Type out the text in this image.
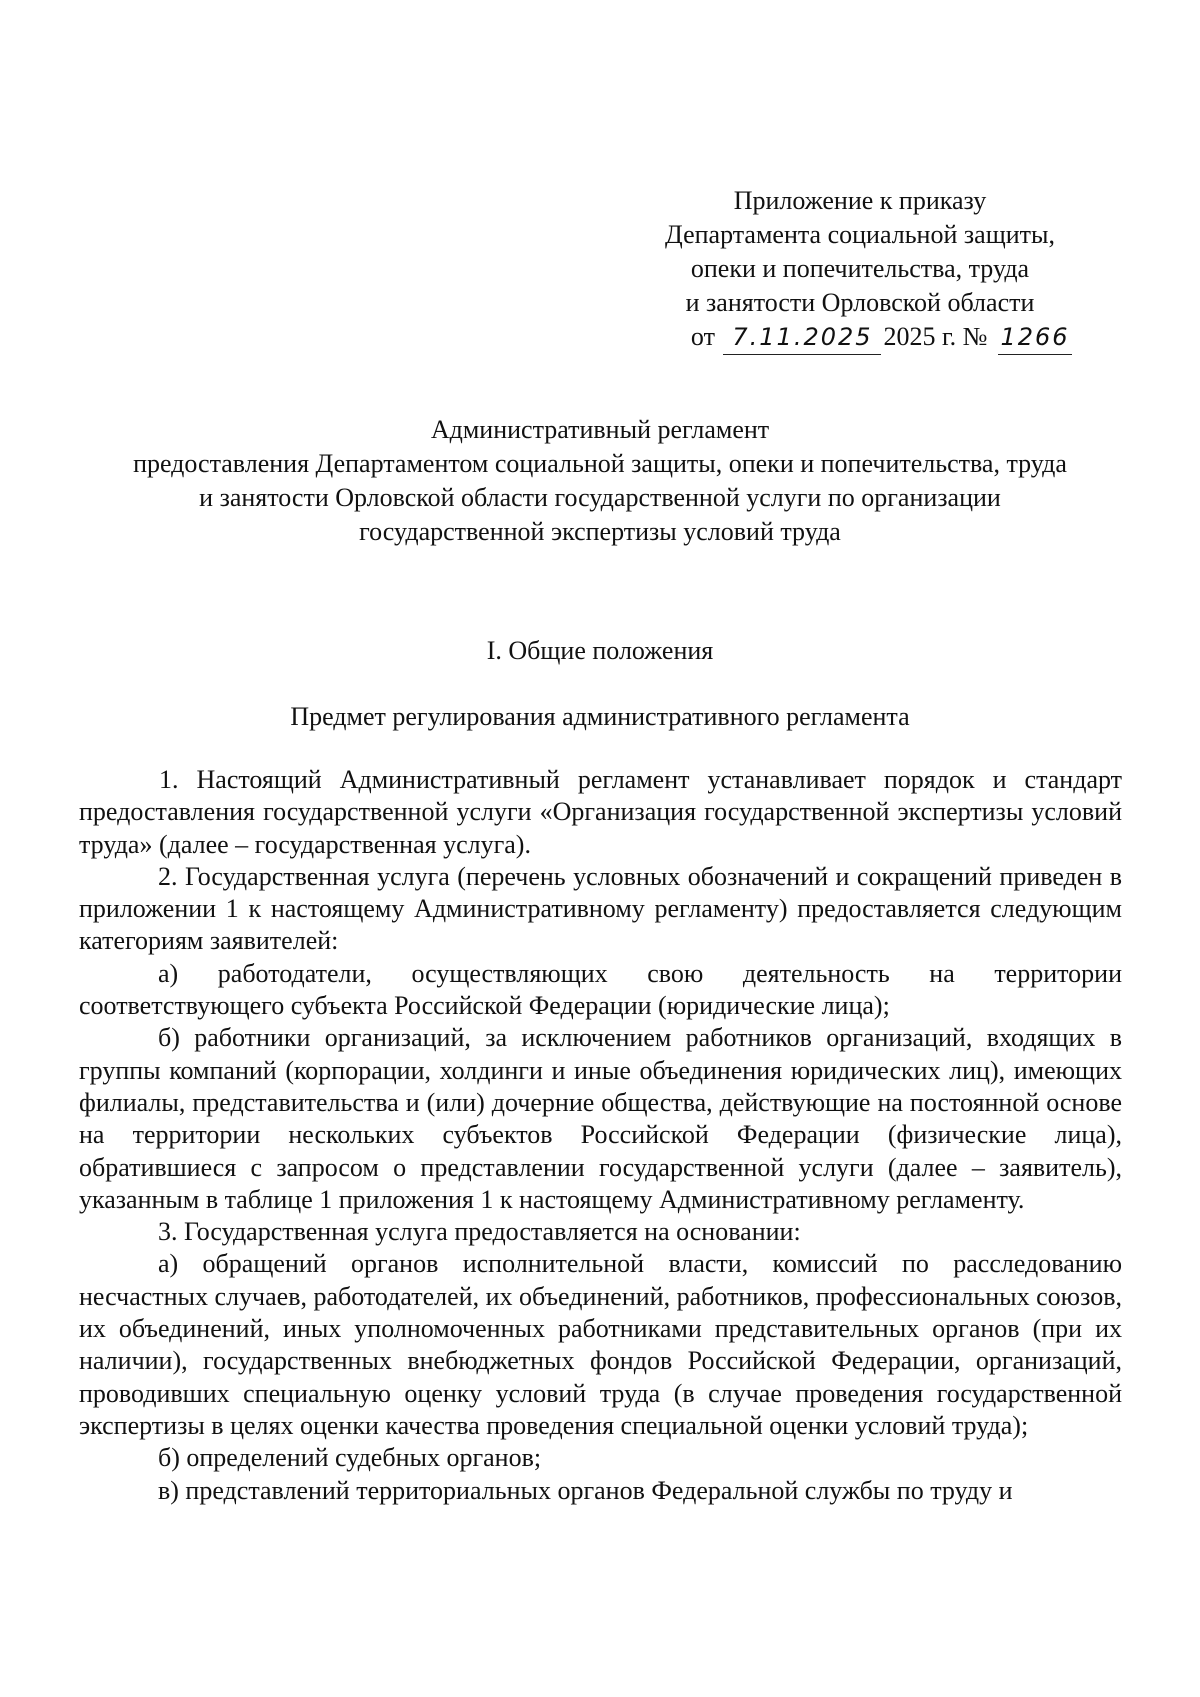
Приложение к приказу
Департамента социальной защиты,
опеки и попечительства, труда
и занятости Орловской области
от 7.11.2025 2025 г. № 1266
Административный регламент
предоставления Департаментом социальной защиты, опеки и попечительства, труда
и занятости Орловской области государственной услуги по организации
государственной экспертизы условий труда
I. Общие положения
Предмет регулирования административного регламента

1. Настоящий Административный регламент устанавливает порядок и стандарт предоставления государственной услуги «Организация государственной экспертизы условий труда» (далее – государственная услуга).

2. Государственная услуга (перечень условных обозначений и сокращений приведен в приложении 1 к настоящему Административному регламенту) предоставляется следующим категориям заявителей:

а) работодатели, осуществляющих свою деятельность на территории соответствующего субъекта Российской Федерации (юридические лица);

б) работники организаций, за исключением работников организаций, входящих в группы компаний (корпорации, холдинги и иные объединения юридических лиц), имеющих филиалы, представительства и (или) дочерние общества, действующие на постоянной основе на территории нескольких субъектов Российской Федерации (физические лица), обратившиеся с запросом о представлении государственной услуги (далее – заявитель), указанным в таблице 1 приложения 1 к настоящему Административному регламенту.

3. Государственная услуга предоставляется на основании:

а) обращений органов исполнительной власти, комиссий по расследованию несчастных случаев, работодателей, их объединений, работников, профессиональных союзов, их объединений, иных уполномоченных работниками представительных органов (при их наличии), государственных внебюджетных фондов Российской Федерации, организаций, проводивших специальную оценку условий труда (в случае проведения государственной экспертизы в целях оценки качества проведения специальной оценки условий труда);

б) определений судебных органов;

в) представлений территориальных органов Федеральной службы по труду и
